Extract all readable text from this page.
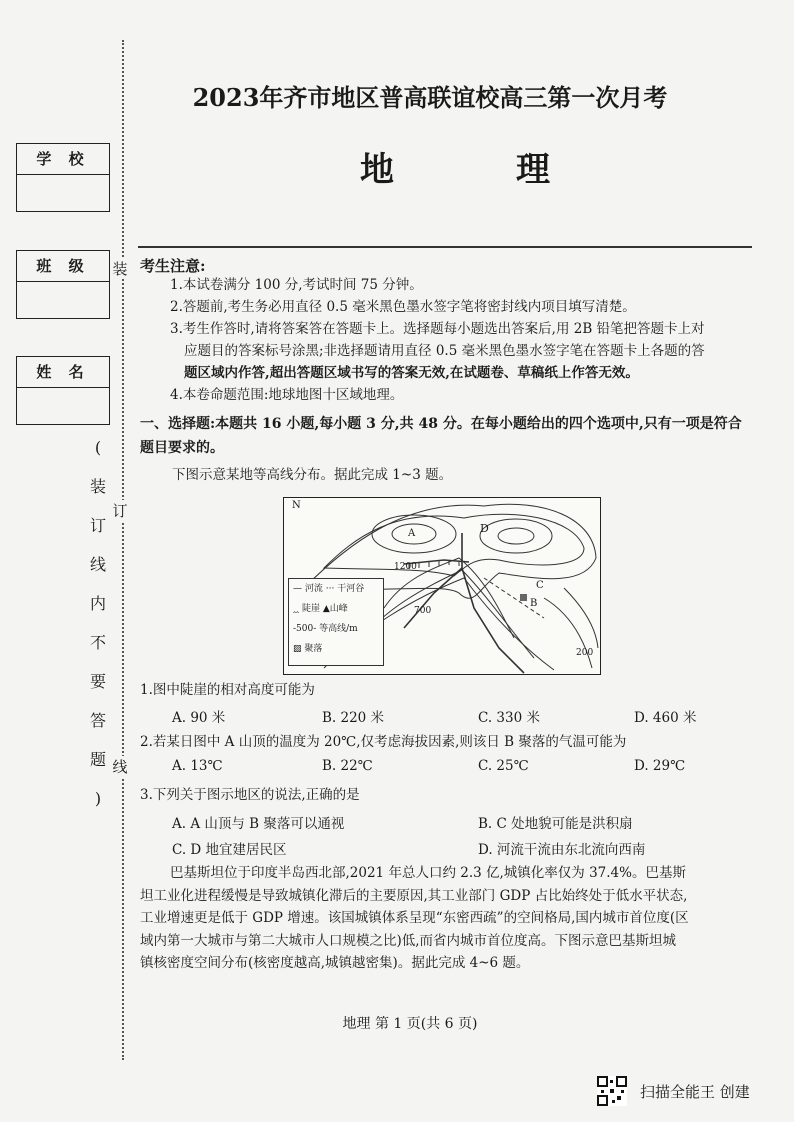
2023年齐市地区普高联谊校高三第一次月考
地	理
学 校
班 级
姓 名
装
订
线
(
装
订
线
内
不
要
答
题
)
考生注意:
1.本试卷满分 100 分,考试时间 75 分钟。
2.答题前,考生务必用直径 0.5 毫米黑色墨水签字笔将密封线内项目填写清楚。
3.考生作答时,请将答案答在答题卡上。选择题每小题选出答案后,用 2B 铅笔把答题卡上对
应题目的答案标号涂黑;非选择题请用直径 0.5 毫米黑色墨水签字笔在答题卡上各题的答
题区域内作答,超出答题区域书写的答案无效,在试题卷、草稿纸上作答无效。
4.本卷命题范围:地球地图十区域地理。
一、选择题:本题共 16 小题,每小题 3 分,共 48 分。在每小题给出的四个选项中,只有一项是符合题目要求的。
下图示意某地等高线分布。据此完成 1~3 题。
N
A	D
C
B
1200
700
200
— 河流 ··· 干河谷
‸‸ 陡崖 ▲山峰
-500- 等高线/m
▨ 聚落
1.图中陡崖的相对高度可能为
A. 90 米	B. 220 米	C. 330 米	D. 460 米
2.若某日图中 A 山顶的温度为 20℃,仅考虑海拔因素,则该日 B 聚落的气温可能为
A. 13℃	B. 22℃	C. 25℃	D. 29℃
3.下列关于图示地区的说法,正确的是
A. A 山顶与 B 聚落可以通视	B. C 处地貌可能是洪积扇
C. D 地宜建居民区	D. 河流干流由东北流向西南
巴基斯坦位于印度半岛西北部,2021 年总人口约 2.3 亿,城镇化率仅为 37.4%。巴基斯
坦工业化进程缓慢是导致城镇化滞后的主要原因,其工业部门 GDP 占比始终处于低水平状态,
工业增速更是低于 GDP 增速。该国城镇体系呈现“东密西疏”的空间格局,国内城市首位度(区
域内第一大城市与第二大城市人口规模之比)低,而省内城市首位度高。下图示意巴基斯坦城
镇核密度空间分布(核密度越高,城镇越密集)。据此完成 4~6 题。
地理 第 1 页(共 6 页)
扫描全能王 创建
